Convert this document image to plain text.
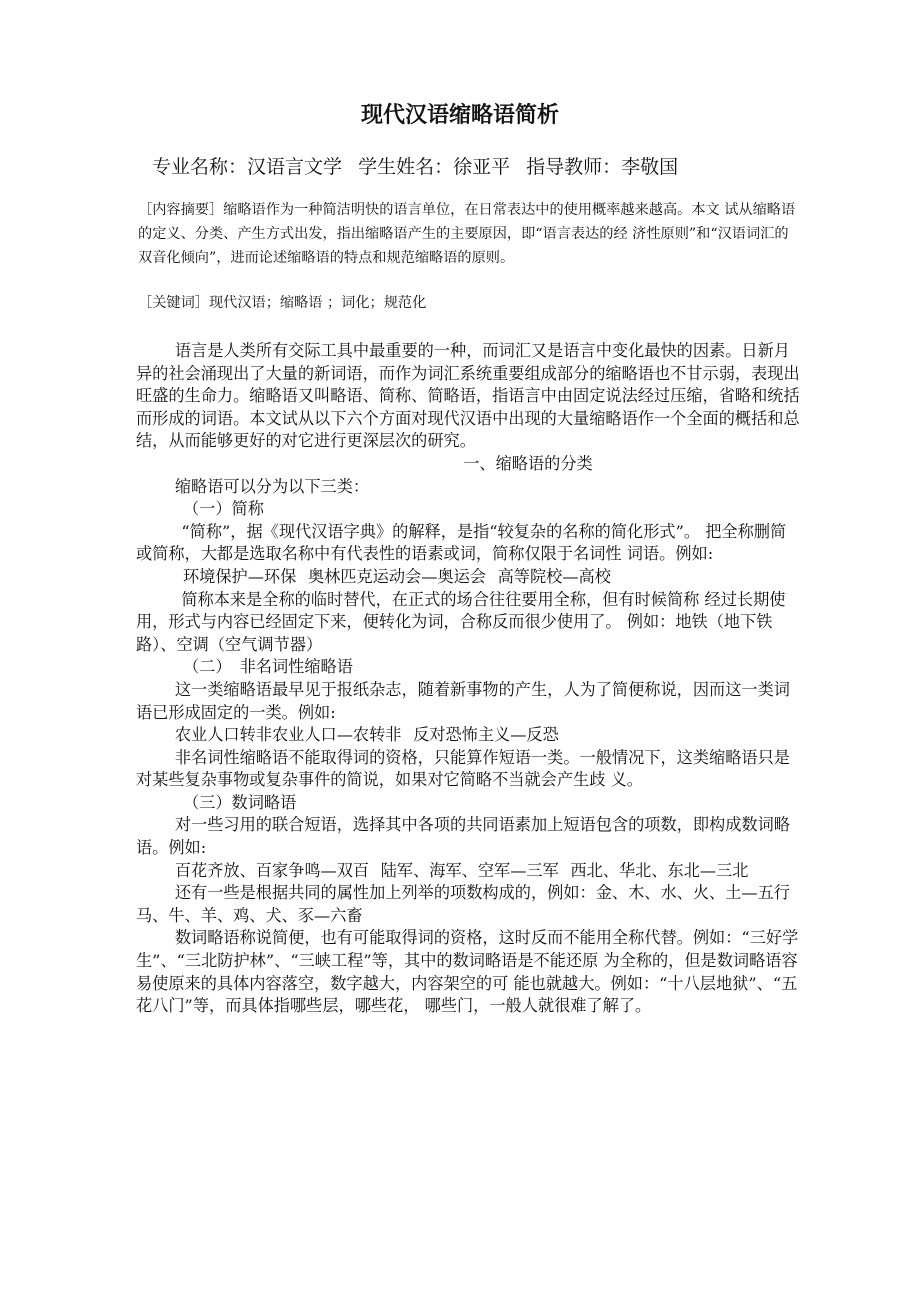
现代汉语缩略语简析
专业名称：汉语言文学 学生姓名：徐亚平 指导教师：李敬国
［内容摘要］缩略语作为一种简洁明快的语言单位，在日常表达中的使用概率越来越高。本文 试从缩略语的定义、分类、产生方式出发，指出缩略语产生的主要原因，即“语言表达的经 济性原则”和“汉语词汇的双音化倾向”，进而论述缩略语的特点和规范缩略语的原则。
［关键词］现代汉语；缩略语 ；词化；规范化

语言是人类所有交际工具中最重要的一种，而词汇又是语言中变化最快的因素。日新月异的社会涌现出了大量的新词语，而作为词汇系统重要组成部分的缩略语也不甘示弱，表现出旺盛的生命力。缩略语又叫略语、简称、简略语，指语言中由固定说法经过压缩，省略和统括而形成的词语。本文试从以下六个方面对现代汉语中出现的大量缩略语作一个全面的概括和总结，从而能够更好的对它进行更深层次的研究。

一、缩略语的分类

缩略语可以分为以下三类：

（一）简称

“简称”，据《现代汉语字典》的解释，是指“较复杂的名称的简化形式”。 把全称删简或简称，大都是选取名称中有代表性的语素或词，简称仅限于名词性 词语。例如:

环境保护—环保 奥林匹克运动会—奥运会 高等院校—高校

简称本来是全称的临时替代，在正式的场合往往要用全称，但有时候简称 经过长期使用，形式与内容已经固定下来，便转化为词，合称反而很少使用了。 例如：地铁（地下铁路）、空调（空气调节器）

（二）　非名词性缩略语

这一类缩略语最早见于报纸杂志，随着新事物的产生，人为了简便称说，因而这一类词语已形成固定的一类。例如:

农业人口转非农业人口—农转非 反对恐怖主义—反恐

非名词性缩略语不能取得词的资格，只能算作短语一类。一般情况下，这类缩略语只是对某些复杂事物或复杂事件的简说，如果对它简略不当就会产生歧 义。

（三）数词略语

对一些习用的联合短语，选择其中各项的共同语素加上短语包含的项数，即构成数词略语。例如:

百花齐放、百家争鸣—双百 陆军、海军、空军—三军 西北、华北、东北—三北

还有一些是根据共同的属性加上列举的项数构成的，例如：金、木、水、火、土—五行 马、牛、羊、鸡、犬、豕—六畜

数词略语称说简便，也有可能取得词的资格，这时反而不能用全称代替。例如：“三好学生”、“三北防护林”、“三峡工程”等，其中的数词略语是不能还原 为全称的，但是数词略语容易使原来的具体内容落空，数字越大，内容架空的可 能也就越大。例如：“十八层地狱”、“五花八门”等，而具体指哪些层，哪些花， 哪些门，一般人就很难了解了。
